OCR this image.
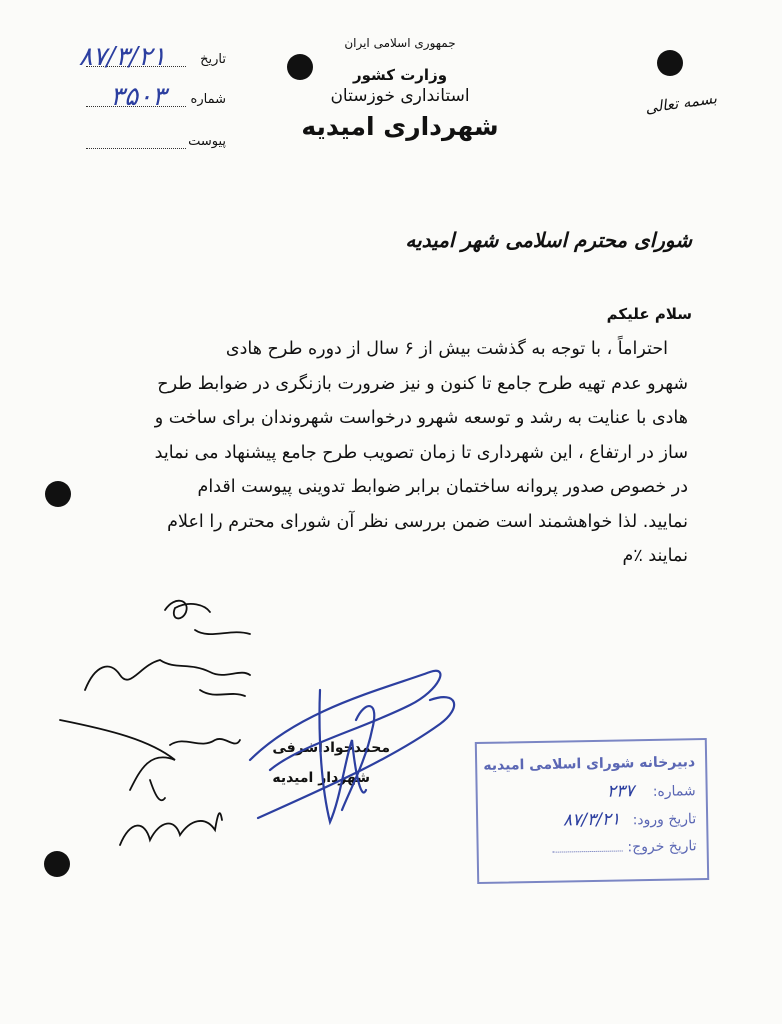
جمهوری اسلامی ایران
وزارت کشور
استانداری خوزستان
شهرداری امیدیه
بسمه تعالی
تاریخ
۸۷/۳/۲۱
شماره
۳۵۰۳
پیوست
شورای محترم اسلامی شهر امیدیه
سلام علیکم

احتراماً ، با توجه به گذشت بیش از ۶ سال از دوره طرح هادی

شهرو عدم تهیه طرح جامع تا کنون و نیز ضرورت بازنگری در ضوابط طرح

هادی با عنایت به رشد و توسعه شهرو درخواست شهروندان برای ساخت و

ساز در ارتفاع ، این شهرداری تا زمان تصویب طرح جامع پیشنهاد می نماید

در خصوص صدور پروانه ساختمان برابر ضوابط تدوینی پیوست اقدام

نمایید. لذا خواهشمند است ضمن بررسی نظر آن شورای محترم را اعلام

نمایند ٪م

محمدجواداشرفی
شهردار امیدیه
دبیرخانه شورای اسلامی امیدیه
شماره: ۲۳۷
تاریخ ورود: ۸۷/۳/۲۱
تاریخ خروج:
